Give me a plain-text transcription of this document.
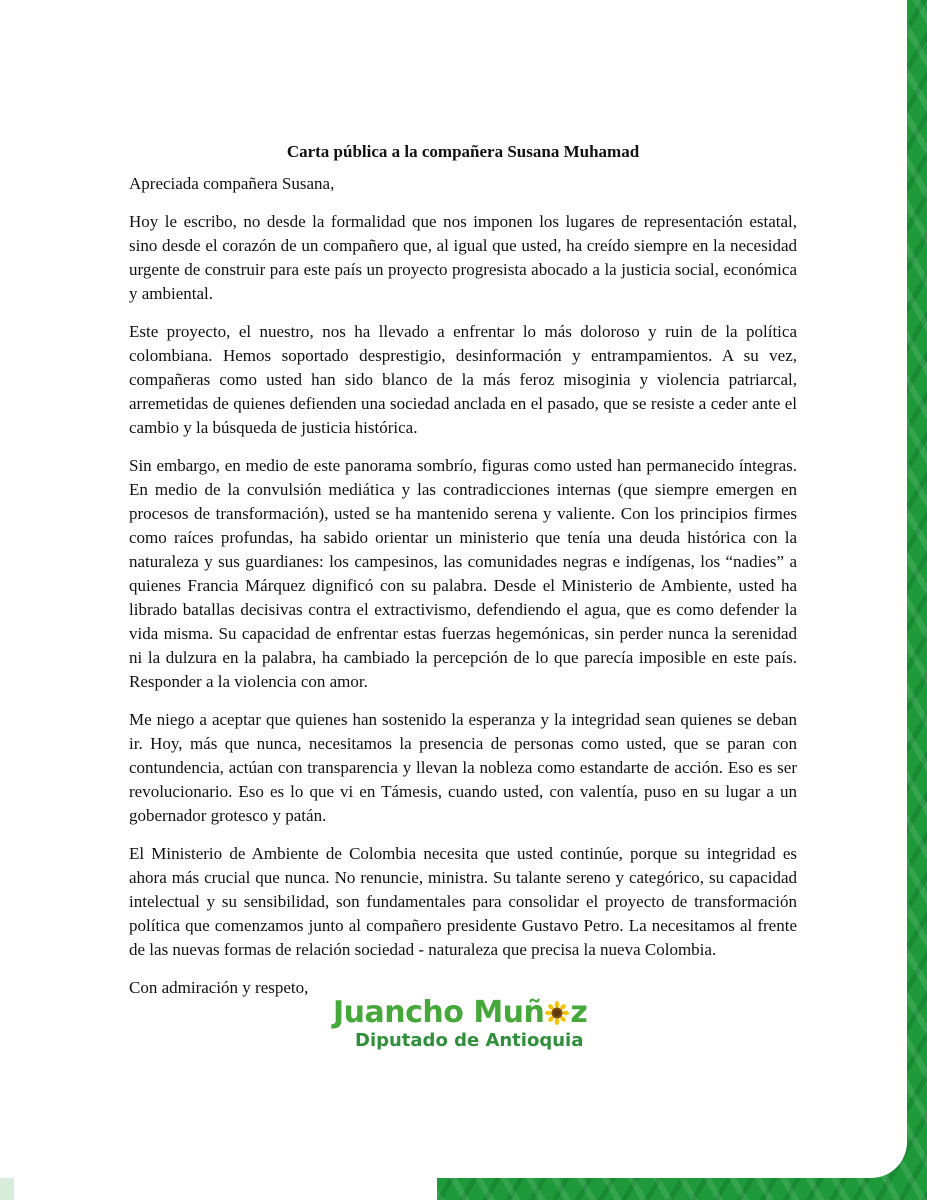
Carta pública a la compañera Susana Muhamad
Apreciada compañera Susana,

Hoy le escribo, no desde la formalidad que nos imponen los lugares de representación estatal, sino desde el corazón de un compañero que, al igual que usted, ha creído siempre en la necesidad urgente de construir para este país un proyecto progresista abocado a la justicia social, económica y ambiental.

Este proyecto, el nuestro, nos ha llevado a enfrentar lo más doloroso y ruin de la política colombiana. Hemos soportado desprestigio, desinformación y entrampamientos. A su vez, compañeras como usted han sido blanco de la más feroz misoginia y violencia patriarcal, arremetidas de quienes defienden una sociedad anclada en el pasado, que se resiste a ceder ante el cambio y la búsqueda de justicia histórica.

Sin embargo, en medio de este panorama sombrío, figuras como usted han permanecido íntegras. En medio de la convulsión mediática y las contradicciones internas (que siempre emergen en procesos de transformación), usted se ha mantenido serena y valiente. Con los principios firmes como raíces profundas, ha sabido orientar un ministerio que tenía una deuda histórica con la naturaleza y sus guardianes: los campesinos, las comunidades negras e indígenas, los “nadies” a quienes Francia Márquez dignificó con su palabra. Desde el Ministerio de Ambiente, usted ha librado batallas decisivas contra el extractivismo, defendiendo el agua, que es como defender la vida misma. Su capacidad de enfrentar estas fuerzas hegemónicas, sin perder nunca la serenidad ni la dulzura en la palabra, ha cambiado la percepción de lo que parecía imposible en este país. Responder a la violencia con amor.

Me niego a aceptar que quienes han sostenido la esperanza y la integridad sean quienes se deban ir. Hoy, más que nunca, necesitamos la presencia de personas como usted, que se paran con contundencia, actúan con transparencia y llevan la nobleza como estandarte de acción. Eso es ser revolucionario. Eso es lo que vi en Támesis, cuando usted, con valentía, puso en su lugar a un gobernador grotesco y patán.

El Ministerio de Ambiente de Colombia necesita que usted continúe, porque su integridad es ahora más crucial que nunca. No renuncie, ministra. Su talante sereno y categórico, su capacidad intelectual y su sensibilidad, son fundamentales para consolidar el proyecto de transformación política que comenzamos junto al compañero presidente Gustavo Petro. La necesitamos al frente de las nuevas formas de relación sociedad - naturaleza que precisa la nueva Colombia.

Con admiración y respeto,

Juancho Muñ z
Diputado de Antioquia
